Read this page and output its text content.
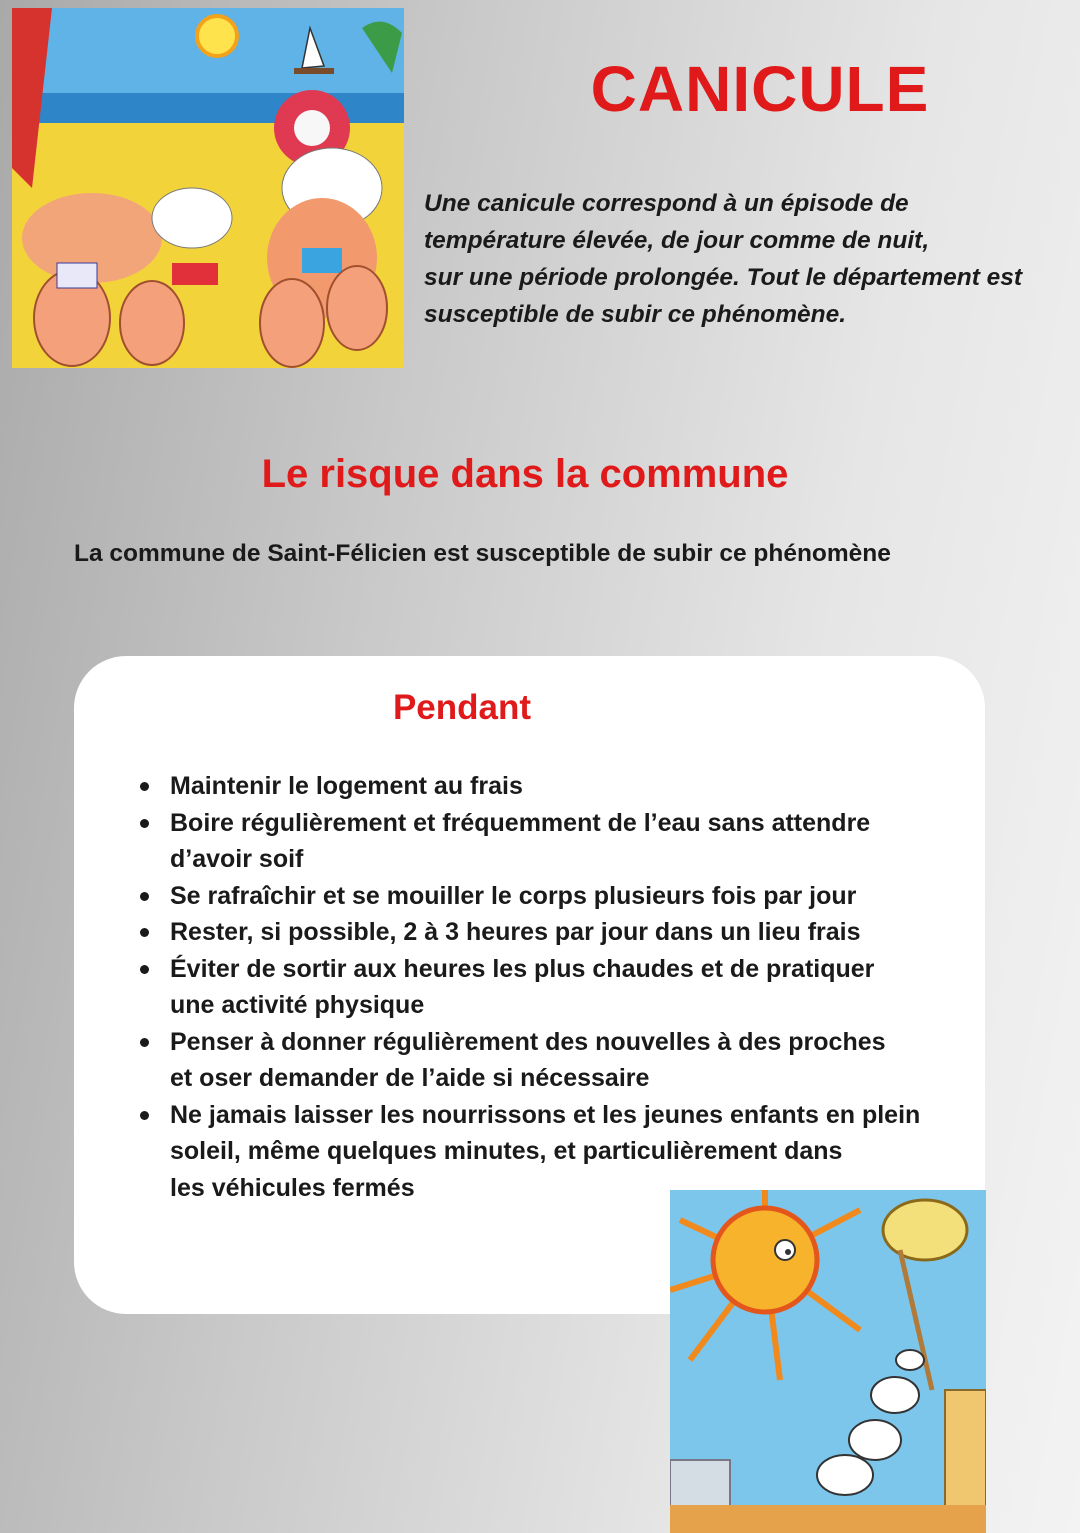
CANICULE
Une canicule correspond à un épisode de
température élevée, de jour comme de nuit,
sur une période prolongée. Tout le département est
susceptible de subir ce phénomène.
Le risque dans la commune

La commune de Saint-Félicien est susceptible de subir ce phénomène

Pendant
Maintenir le logement au frais
Boire régulièrement et fréquemment de l’eau sans attendre
d’avoir soif
Se rafraîchir et se mouiller le corps plusieurs fois par jour
Rester, si possible, 2 à 3 heures par jour dans un lieu frais
Éviter de sortir aux heures les plus chaudes et de pratiquer
une activité physique
Penser à donner régulièrement des nouvelles à des proches
et oser demander de l’aide si nécessaire
Ne jamais laisser les nourrissons et les jeunes enfants en plein
soleil, même quelques minutes, et particulièrement dans
les véhicules fermés
